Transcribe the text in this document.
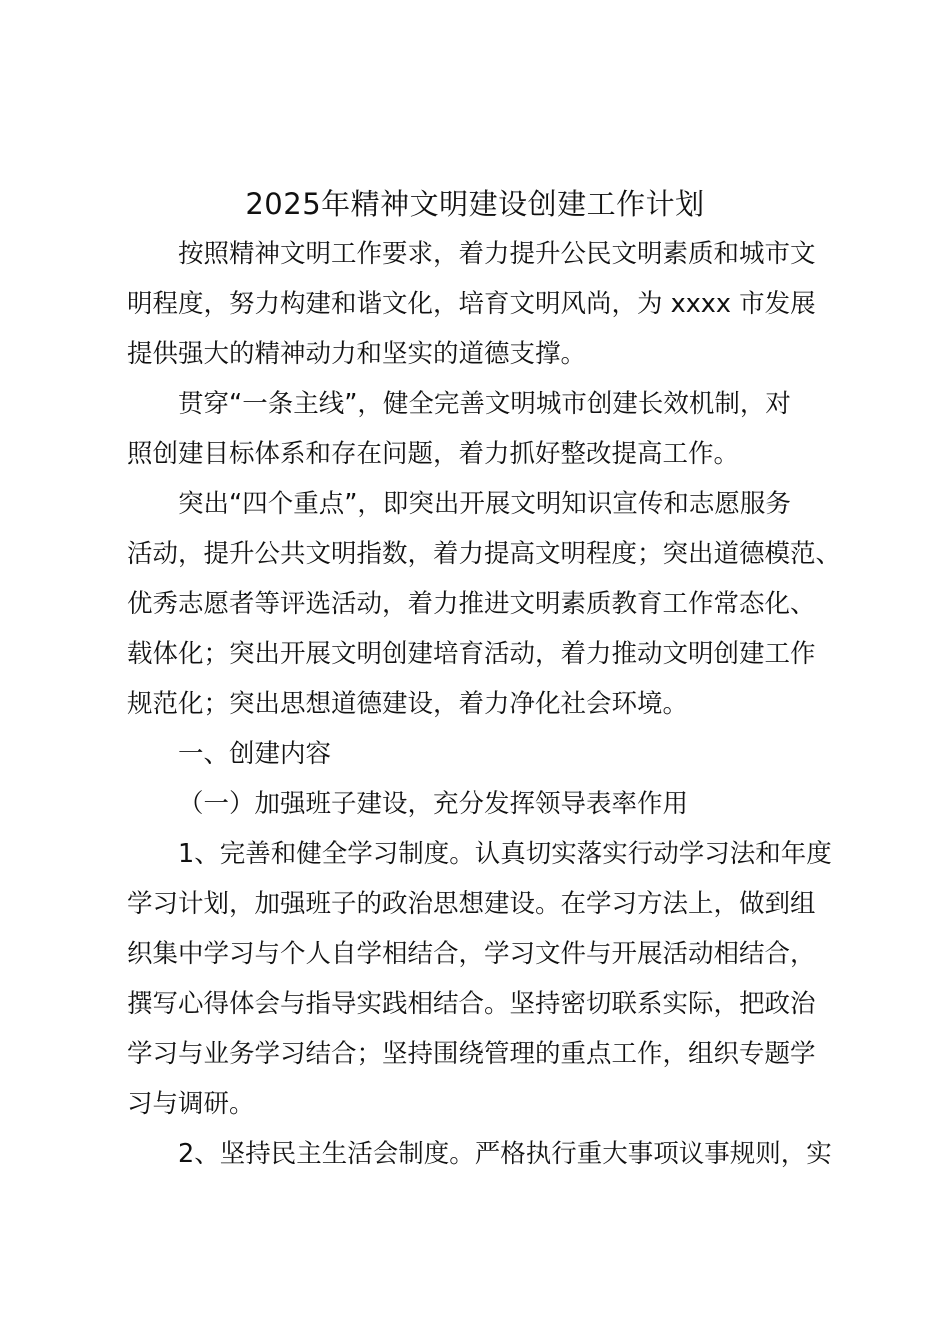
2025年精神文明建设创建工作计划
按照精神文明工作要求，着力提升公民文明素质和城市文
明程度，努力构建和谐文化，培育文明风尚，为 xxxx 市发展
提供强大的精神动力和坚实的道德支撑。
贯穿“一条主线”，健全完善文明城市创建长效机制，对
照创建目标体系和存在问题，着力抓好整改提高工作。
突出“四个重点”，即突出开展文明知识宣传和志愿服务
活动，提升公共文明指数，着力提高文明程度；突出道德模范、
优秀志愿者等评选活动，着力推进文明素质教育工作常态化、
载体化；突出开展文明创建培育活动，着力推动文明创建工作
规范化；突出思想道德建设，着力净化社会环境。
一、创建内容
（一）加强班子建设，充分发挥领导表率作用
1、完善和健全学习制度。认真切实落实行动学习法和年度
学习计划，加强班子的政治思想建设。在学习方法上，做到组
织集中学习与个人自学相结合，学习文件与开展活动相结合，
撰写心得体会与指导实践相结合。坚持密切联系实际，把政治
学习与业务学习结合；坚持围绕管理的重点工作，组织专题学
习与调研。
2、坚持民主生活会制度。严格执行重大事项议事规则，实
